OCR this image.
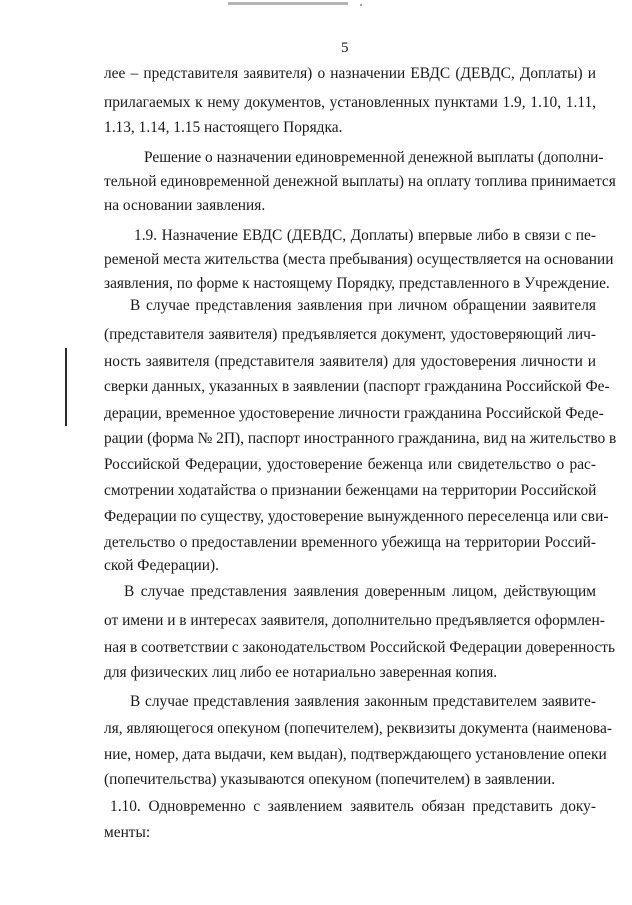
5
лее – представителя заявителя) о назначении ЕВДС (ДЕВДС, Доплаты) и
прилагаемых к нему документов, установленных пунктами 1.9, 1.10, 1.11,
1.13, 1.14, 1.15 настоящего Порядка.
Решение о назначении единовременной денежной выплаты (дополни-
тельной единовременной денежной выплаты) на оплату топлива принимается
на основании заявления.
1.9. Назначение ЕВДС (ДЕВДС, Доплаты) впервые либо в связи с пе-
ременой места жительства (места пребывания) осуществляется на основании
заявления, по форме к настоящему Порядку, представленного в Учреждение.
В случае представления заявления при личном обращении заявителя
(представителя заявителя) предъявляется документ, удостоверяющий лич-
ность заявителя (представителя заявителя) для удостоверения личности и
сверки данных, указанных в заявлении (паспорт гражданина Российской Фе-
дерации, временное удостоверение личности гражданина Российской Феде-
рации (форма № 2П), паспорт иностранного гражданина, вид на жительство в
Российской Федерации, удостоверение беженца или свидетельство о рас-
смотрении ходатайства о признании беженцами на территории Российской
Федерации по существу, удостоверение вынужденного переселенца или сви-
детельство о предоставлении временного убежища на территории Россий-
ской Федерации).
В случае представления заявления доверенным лицом, действующим
от имени и в интересах заявителя, дополнительно предъявляется оформлен-
ная в соответствии с законодательством Российской Федерации доверенность
для физических лиц либо ее нотариально заверенная копия.
В случае представления заявления законным представителем заявите-
ля, являющегося опекуном (попечителем), реквизиты документа (наименова-
ние, номер, дата выдачи, кем выдан), подтверждающего установление опеки
(попечительства) указываются опекуном (попечителем) в заявлении.
1.10. Одновременно с заявлением заявитель обязан представить доку-
менты:
